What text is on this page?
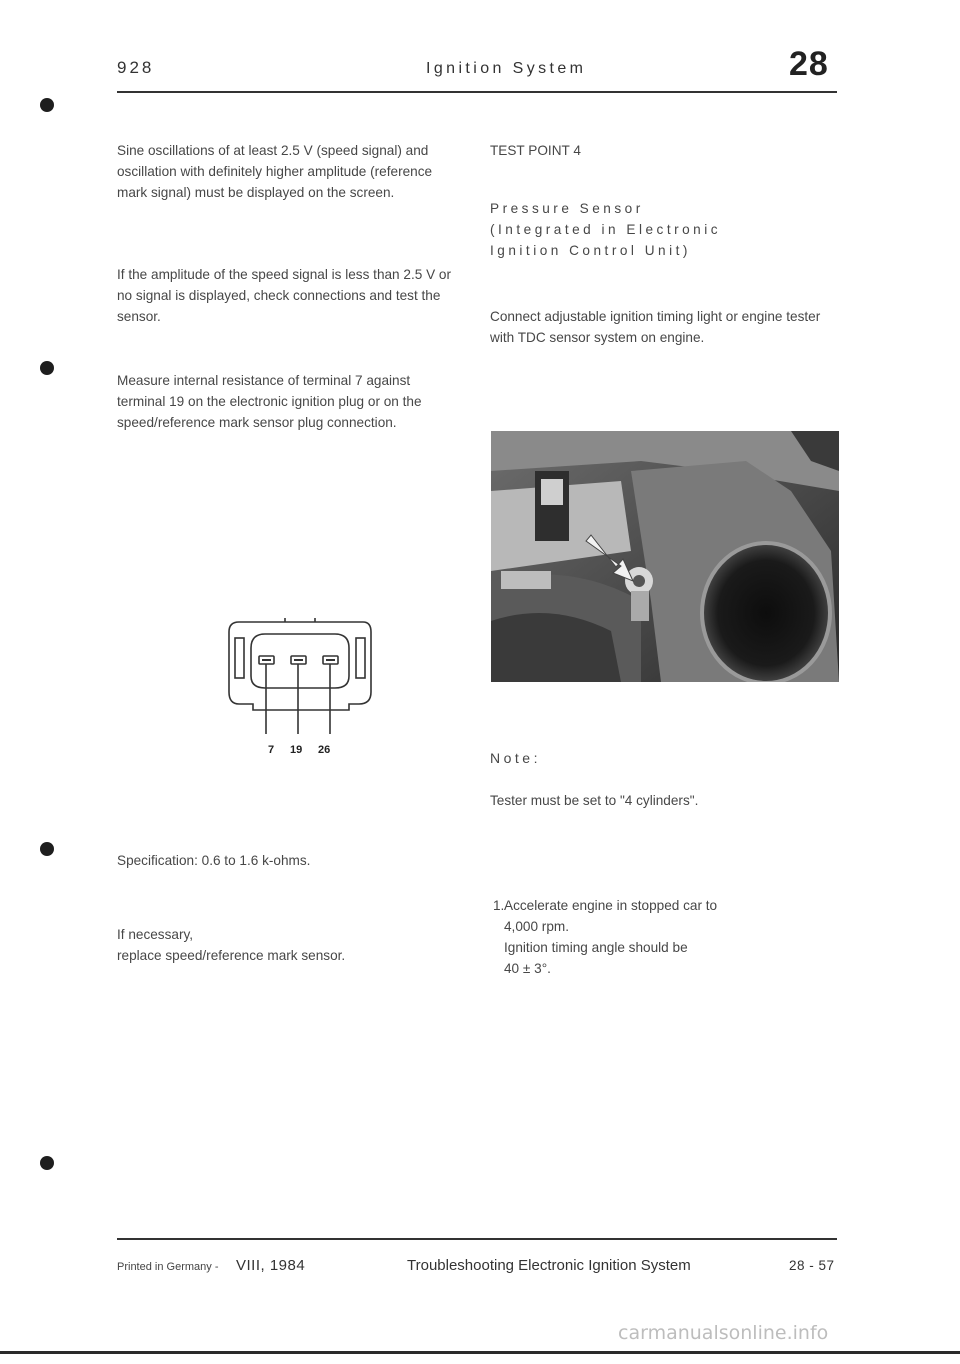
928	Ignition System	28

Sine oscillations of at least 2.5 V (speed signal) and oscillation with definitely higher amplitude (reference mark signal) must be displayed on the screen.

If the amplitude of the speed signal is less than 2.5 V or no signal is displayed, check connections and test the sensor.

Measure internal resistance of terminal 7 against terminal 19 on the electronic ignition plug or on the speed/reference mark sensor plug connection.

7 19 26

Specification: 0.6 to 1.6 k-ohms.

If necessary,

replace speed/reference mark sensor.

TEST POINT 4

Pressure Sensor
(Integrated in Electronic
Ignition Control Unit)

Connect adjustable ignition timing light or engine tester with TDC sensor system on engine.

Note:

Tester must be set to "4 cylinders".

1. Accelerate engine in stopped car to

4,000 rpm.

Ignition timing angle should be

40 ± 3°.

Printed in Germany - VIII, 1984	Troubleshooting Electronic Ignition System	28 - 57
carmanualsonline.info
